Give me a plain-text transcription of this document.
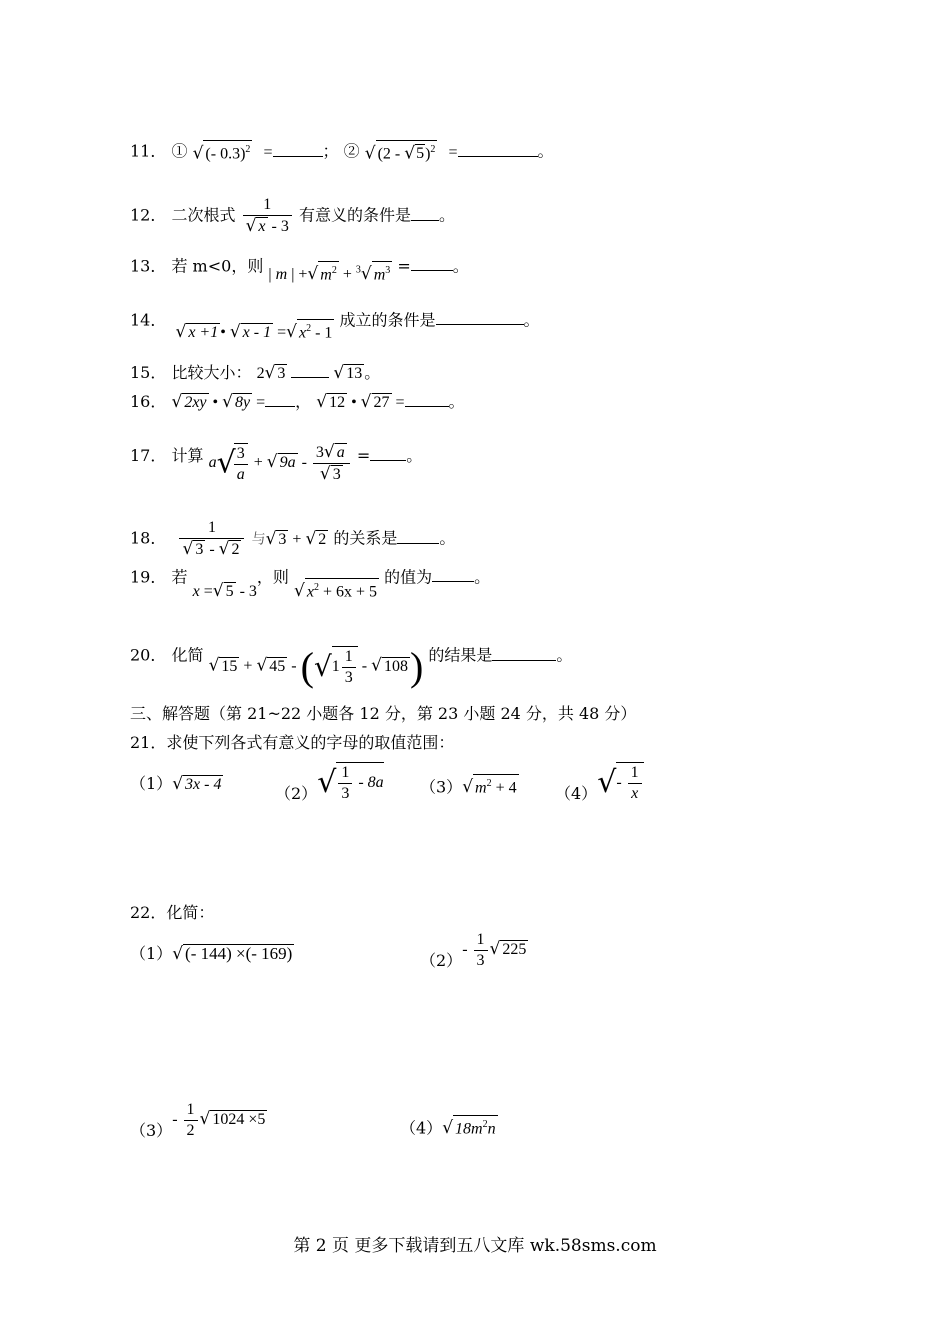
11． ① √ (- 0.3)$^2$ =	； ② √ (2 - √5)$^2$ =	。
12． 二次根式 $\frac{1}{√ x - 3}$ 有意义的条件是 。
13． 若 m<0，则 | m | +√ $m^2 + ^3√$ $m^3$ =	。
14． √ x +1 • √ x - 1 =√ $x^2 - 1$ 成立的条件是	。
15． 比较大小： 2√ 3	√ 13 。
16． √ 2xy • √ 8y = ， √ 12 • √ 27 =	。
17． 计算 a√
$\frac{3}{a}$ + √ $9a - \frac{3√ a}{√ 3}$ = 。
18． $\frac{1}{√ 3 - √ 2}$ 与√ 3 + √ 2 的关系是	。
19． 若 x =√ 5 - 3，则 √ $x^2 + 6x + 5$ 的值为	。
20． 化简 √ 15 + √ $45 - (√1 \frac{1}{3}$ - √ 108) 的结果是	。
三、解答题（第 21~22 小题各 12 分，第 23 小题 24 分，共 48 分）
21．求使下列各式有意义的字母的取值范围：
（1）√ 3x - 4	$(2)√ \frac{1}{3} - 8a$ （3）√ $m^2 + 4$ $(4)√- \frac{1}{x}$
22．化简：
（1）√ (- 144) ×(- 169)	$(2)- \frac{1}{3}$ √ 225
$(3)- \frac{1}{2}$ √ 1024 ×5	（4）√ $18m^2n$
第 2 页 更多下载请到五八文库 wk.58sms.com
